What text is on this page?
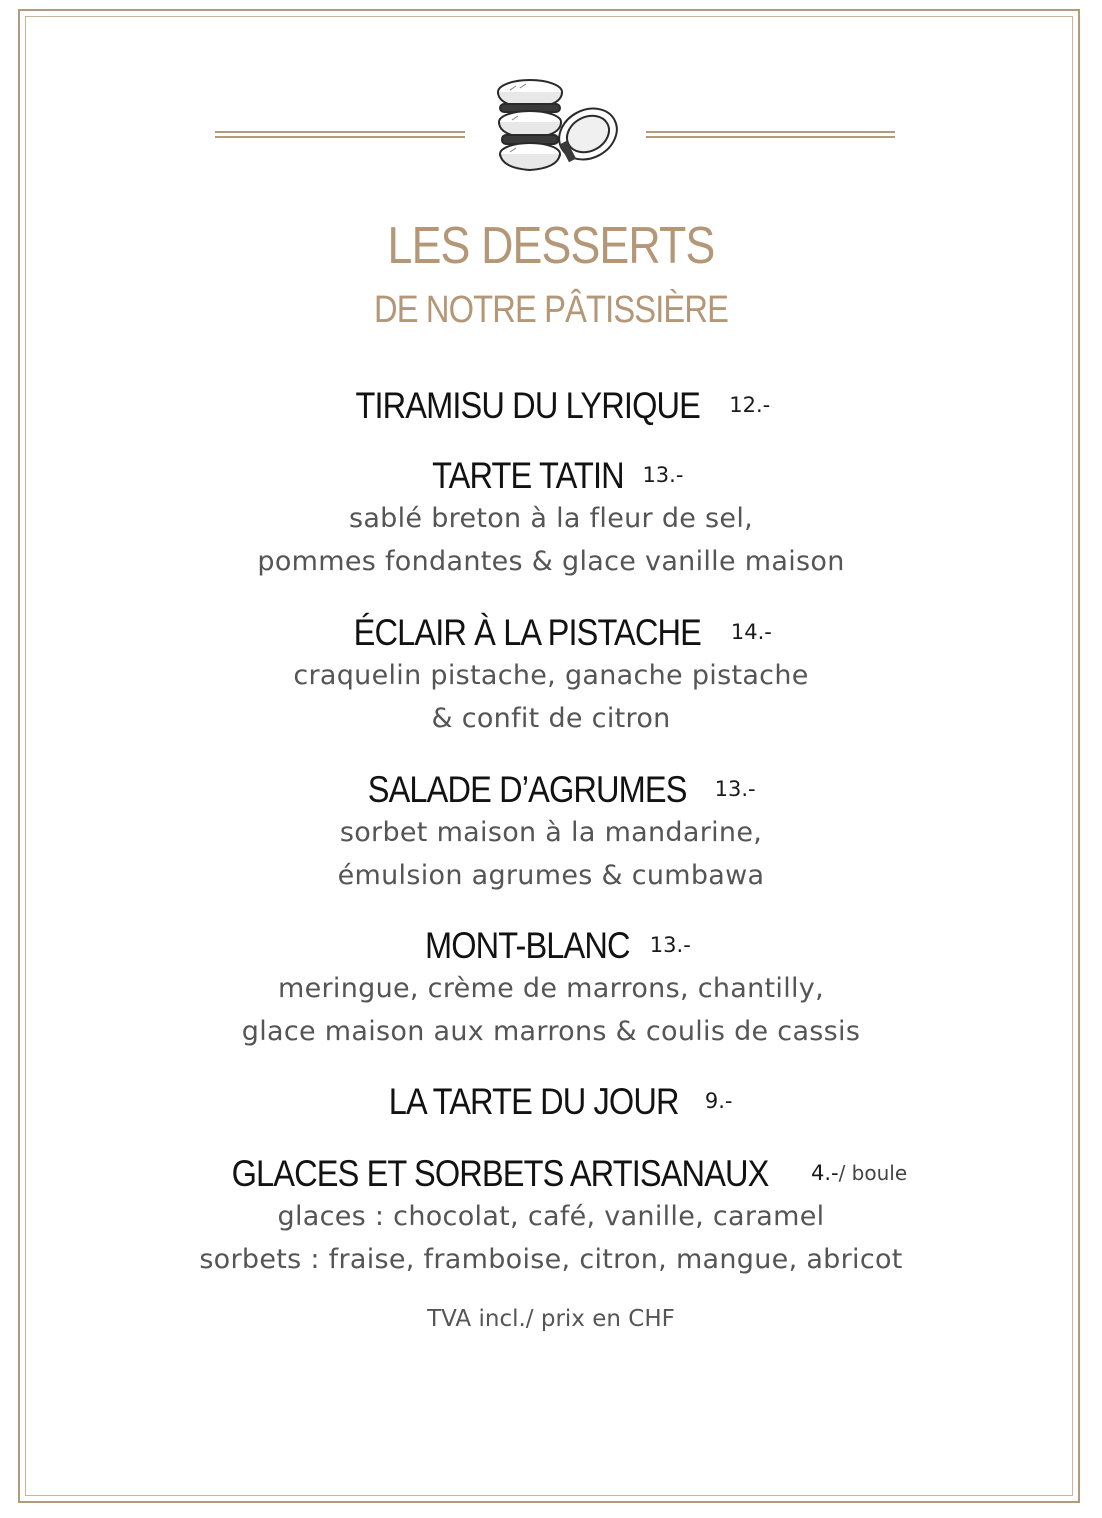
LES DESSERTS
DE NOTRE PÂTISSIÈRE
TIRAMISU DU LYRIQUE 12.-
TARTE TATIN 13.-
sablé breton à la fleur de sel,
pommes fondantes & glace vanille maison
ÉCLAIR À LA PISTACHE 14.-
craquelin pistache, ganache pistache
& confit de citron
SALADE D’AGRUMES 13.-
sorbet maison à la mandarine,
émulsion agrumes & cumbawa
MONT-BLANC 13.-
meringue, crème de marrons, chantilly,
glace maison aux marrons & coulis de cassis
LA TARTE DU JOUR 9.-
GLACES ET SORBETS ARTISANAUX 4.-/ boule
glaces : chocolat, café, vanille, caramel
sorbets : fraise, framboise, citron, mangue, abricot
TVA incl./ prix en CHF
